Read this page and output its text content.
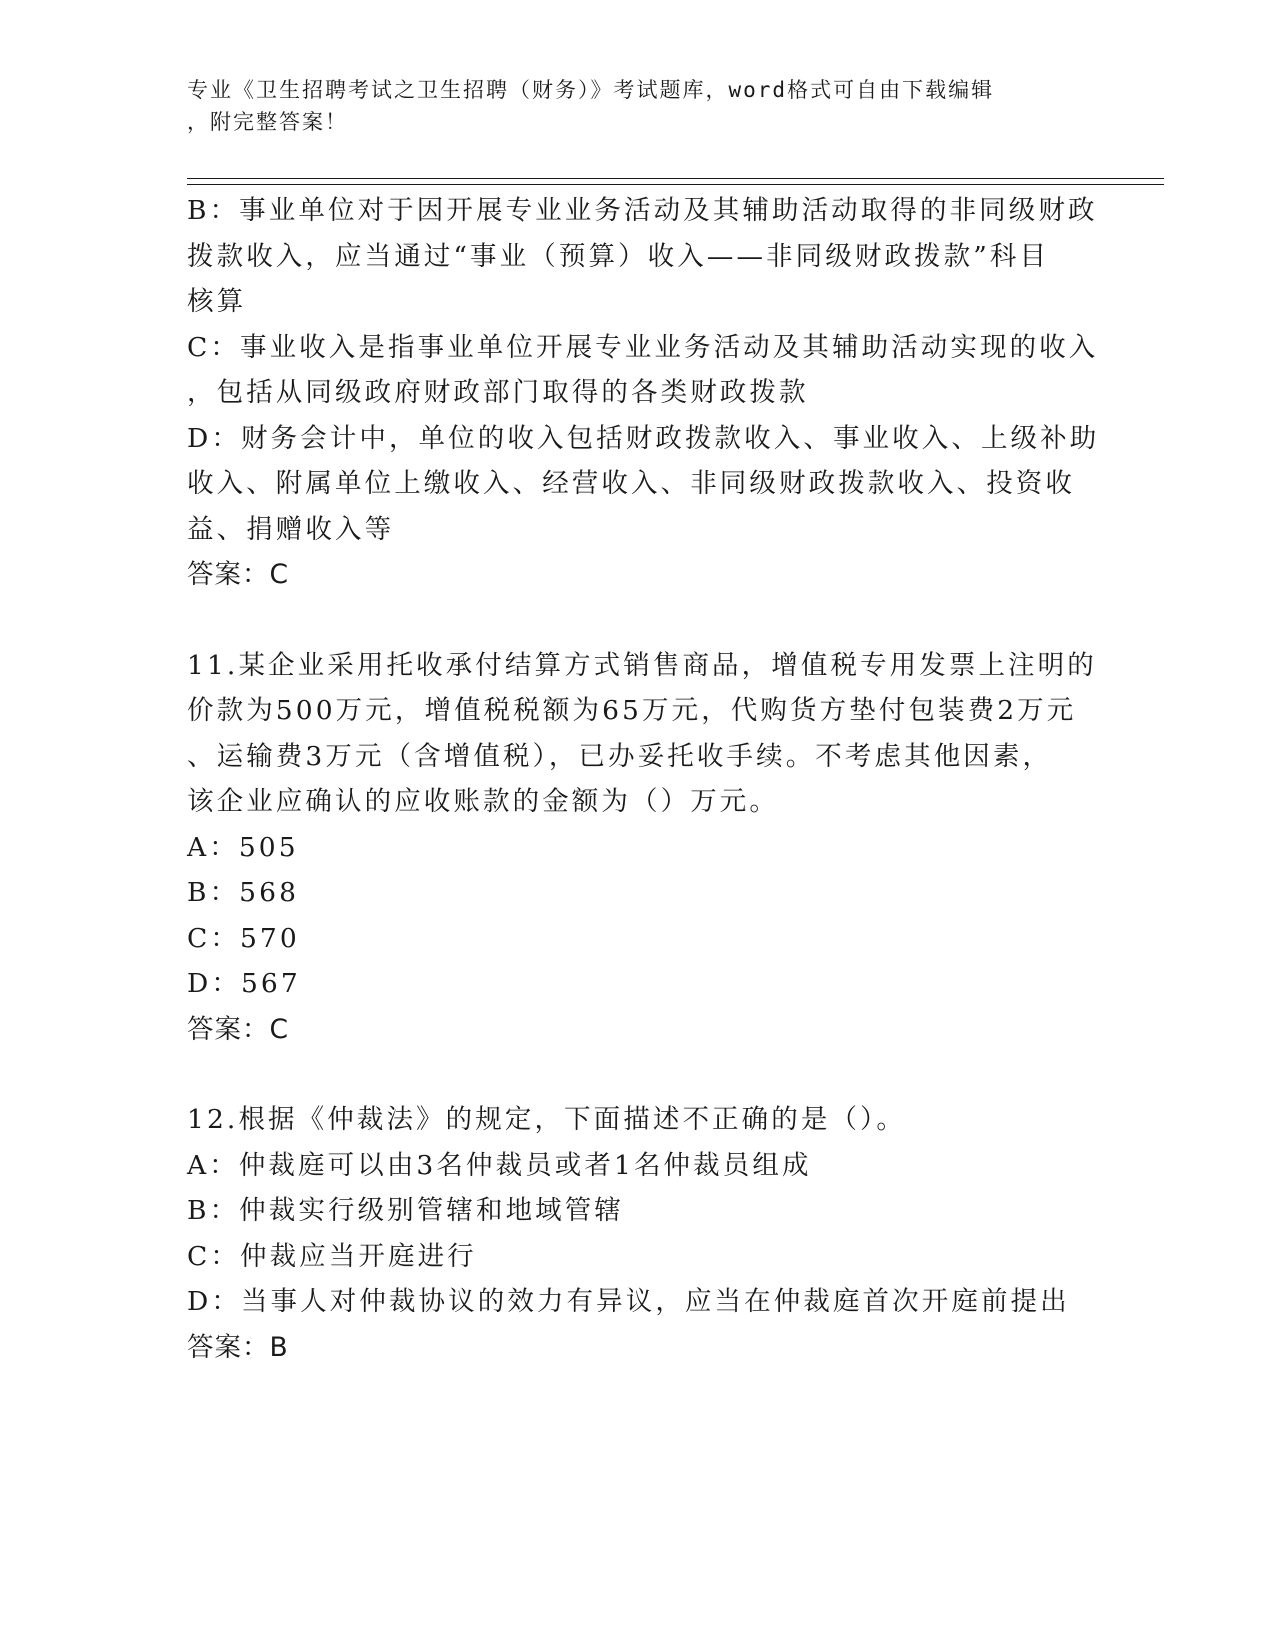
专业《卫生招聘考试之卫生招聘（财务）》考试题库，word格式可自由下载编辑
，附完整答案！
B：事业单位对于因开展专业业务活动及其辅助活动取得的非同级财政
拨款收入，应当通过“事业（预算）收入——非同级财政拨款”科目
核算
C：事业收入是指事业单位开展专业业务活动及其辅助活动实现的收入
，包括从同级政府财政部门取得的各类财政拨款
D：财务会计中，单位的收入包括财政拨款收入、事业收入、上级补助
收入、附属单位上缴收入、经营收入、非同级财政拨款收入、投资收
益、捐赠收入等
答案：C
11.某企业采用托收承付结算方式销售商品，增值税专用发票上注明的
价款为500万元，增值税税额为65万元，代购货方垫付包装费2万元
、运输费3万元（含增值税），已办妥托收手续。不考虑其他因素，
该企业应确认的应收账款的金额为（）万元。
A：505
B：568
C：570
D：567
答案：C
12.根据《仲裁法》的规定，下面描述不正确的是（）。
A：仲裁庭可以由3名仲裁员或者1名仲裁员组成
B：仲裁实行级别管辖和地域管辖
C：仲裁应当开庭进行
D：当事人对仲裁协议的效力有异议，应当在仲裁庭首次开庭前提出
答案：B
